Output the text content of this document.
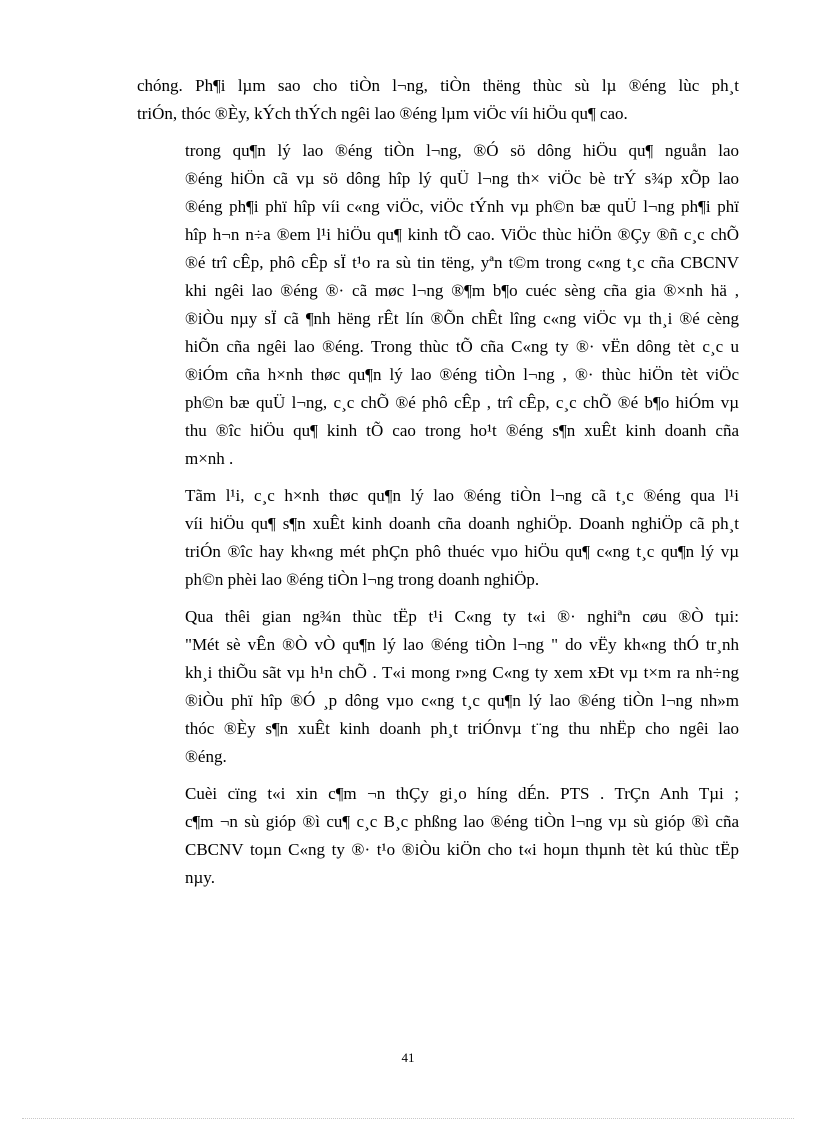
chóng. Ph¶i lµm sao cho tiÒn l¬ng, tiÒn thëng thùc sù lµ ®éng lùc ph¸t
triÓn, thóc ®Èy, kÝch thÝch ngêi lao ®éng lµm viÖc víi hiÖu qu¶ cao.

trong qu¶n lý lao ®éng tiÒn l¬ng, ®Ó sö dông hiÖu qu¶ nguån lao
®éng hiÖn cã vµ sö dông hîp lý quÜ l¬ng th× viÖc bè trÝ s¾p xÕp lao
®éng ph¶i phï hîp víi c«ng viÖc, viÖc tÝnh vµ ph©n bæ quÜ l¬ng ph¶i phï
hîp h¬n n÷a ®em l¹i hiÖu qu¶ kinh tÕ cao. ViÖc thùc hiÖn ®Çy ®ñ c¸c chÕ
®é trî cÊp, phô cÊp sÏ t¹o ra sù tin tëng, yªn t©m trong c«ng t¸c cña CBCNV
khi ngêi lao ®éng ®· cã møc l¬ng ®¶m b¶o cuéc sèng cña gia ®×nh hä ,
®iÒu nµy sÏ cã ¶nh hëng rÊt lín ®Õn chÊt lîng c«ng viÖc vµ th¸i ®é cèng
hiÕn cña ngêi lao ®éng. Trong thùc tÕ cña C«ng ty ®· vËn dông tèt c¸c u
®iÓm cña h×nh thøc qu¶n lý lao ®éng tiÒn l¬ng , ®· thùc hiÖn tèt viÖc
ph©n bæ quÜ l¬ng, c¸c chÕ ®é phô cÊp , trî cÊp, c¸c chÕ ®é b¶o hiÓm vµ
thu ®îc hiÖu qu¶ kinh tÕ cao trong ho¹t ®éng s¶n xuÊt kinh doanh cña
m×nh .

Tãm l¹i, c¸c h×nh thøc qu¶n lý lao ®éng tiÒn l¬ng cã t¸c ®éng qua l¹i
víi hiÖu qu¶ s¶n xuÊt kinh doanh cña doanh nghiÖp. Doanh nghiÖp cã ph¸t
triÓn ®îc hay kh«ng mét phÇn phô thuéc vµo hiÖu qu¶ c«ng t¸c qu¶n lý vµ
ph©n phèi lao ®éng tiÒn l¬ng trong doanh nghiÖp.

Qua thêi gian ng¾n thùc tËp t¹i C«ng ty t«i ®· nghiªn cøu ®Ò tµi:
"Mét sè vÊn ®Ò vÒ qu¶n lý lao ®éng tiÒn l¬ng " do vËy kh«ng thÓ tr¸nh
kh¸i thiÕu sãt vµ h¹n chÕ . T«i mong r»ng C«ng ty xem xÐt vµ t×m ra nh÷ng
®iÒu phï hîp ®Ó ¸p dông vµo c«ng t¸c qu¶n lý lao ®éng tiÒn l¬ng nh»m
thóc ®Èy s¶n xuÊt kinh doanh ph¸t triÓnvµ t¨ng thu nhËp cho ngêi lao
®éng.

Cuèi cïng t«i xin c¶m ¬n thÇy gi¸o híng dÉn. PTS . TrÇn Anh Tµi ;
c¶m ¬n sù gióp ®ì cu¶ c¸c B¸c phßng lao ®éng tiÒn l¬ng vµ sù gióp ®ì cña
CBCNV toµn C«ng ty ®· t¹o ®iÒu kiÖn cho t«i hoµn thµnh tèt kú thùc tËp
nµy.

41
